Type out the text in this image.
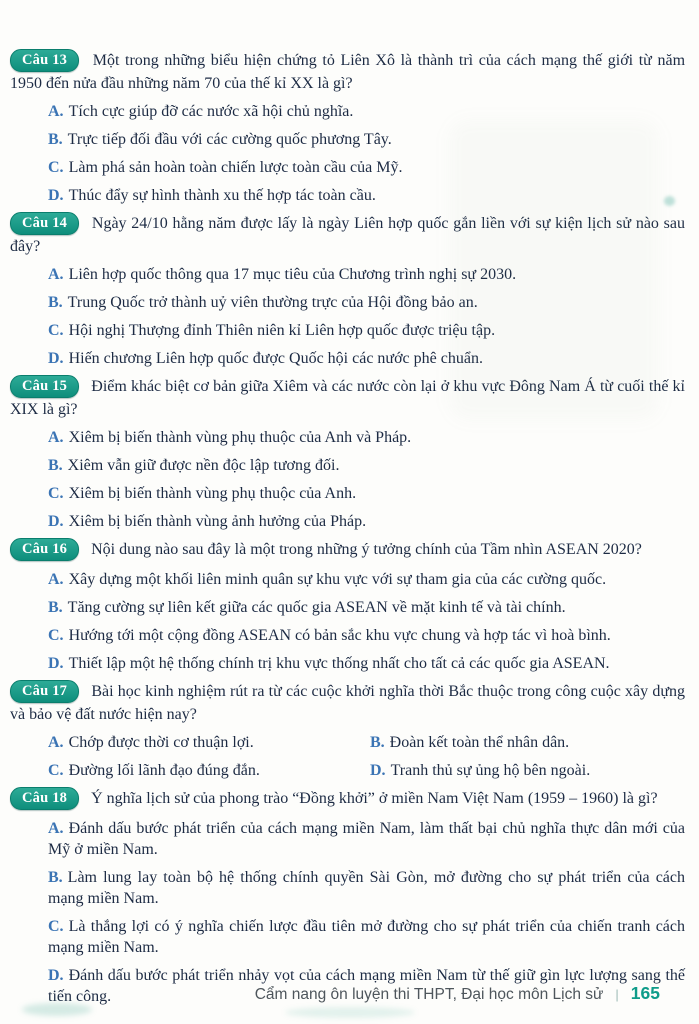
Câu 13 Một trong những biểu hiện chứng tỏ Liên Xô là thành trì của cách mạng thế giới từ năm 1950 đến nửa đầu những năm 70 của thế kỉ XX là gì?

A. Tích cực giúp đỡ các nước xã hội chủ nghĩa.

B. Trực tiếp đối đầu với các cường quốc phương Tây.

C. Làm phá sản hoàn toàn chiến lược toàn cầu của Mỹ.

D. Thúc đẩy sự hình thành xu thế hợp tác toàn cầu.

Câu 14 Ngày 24/10 hằng năm được lấy là ngày Liên hợp quốc gắn liền với sự kiện lịch sử nào sau đây?

A. Liên hợp quốc thông qua 17 mục tiêu của Chương trình nghị sự 2030.

B. Trung Quốc trở thành uỷ viên thường trực của Hội đồng bảo an.

C. Hội nghị Thượng đỉnh Thiên niên kỉ Liên hợp quốc được triệu tập.

D. Hiến chương Liên hợp quốc được Quốc hội các nước phê chuẩn.

Câu 15 Điểm khác biệt cơ bản giữa Xiêm và các nước còn lại ở khu vực Đông Nam Á từ cuối thế kỉ XIX là gì?

A. Xiêm bị biến thành vùng phụ thuộc của Anh và Pháp.

B. Xiêm vẫn giữ được nền độc lập tương đối.

C. Xiêm bị biến thành vùng phụ thuộc của Anh.

D. Xiêm bị biến thành vùng ảnh hưởng của Pháp.

Câu 16 Nội dung nào sau đây là một trong những ý tưởng chính của Tầm nhìn ASEAN 2020?

A. Xây dựng một khối liên minh quân sự khu vực với sự tham gia của các cường quốc.

B. Tăng cường sự liên kết giữa các quốc gia ASEAN về mặt kinh tế và tài chính.

C. Hướng tới một cộng đồng ASEAN có bản sắc khu vực chung và hợp tác vì hoà bình.

D. Thiết lập một hệ thống chính trị khu vực thống nhất cho tất cả các quốc gia ASEAN.

Câu 17 Bài học kinh nghiệm rút ra từ các cuộc khởi nghĩa thời Bắc thuộc trong công cuộc xây dựng và bảo vệ đất nước hiện nay?

A. Chớp được thời cơ thuận lợi.	B. Đoàn kết toàn thể nhân dân.

C. Đường lối lãnh đạo đúng đắn.	D. Tranh thủ sự ủng hộ bên ngoài.

Câu 18 Ý nghĩa lịch sử của phong trào “Đồng khởi” ở miền Nam Việt Nam (1959 – 1960) là gì?

A. Đánh dấu bước phát triển của cách mạng miền Nam, làm thất bại chủ nghĩa thực dân mới của Mỹ ở miền Nam.

B. Làm lung lay toàn bộ hệ thống chính quyền Sài Gòn, mở đường cho sự phát triển của cách mạng miền Nam.

C. Là thắng lợi có ý nghĩa chiến lược đầu tiên mở đường cho sự phát triển của chiến tranh cách mạng miền Nam.

D. Đánh dấu bước phát triển nhảy vọt của cách mạng miền Nam từ thế giữ gìn lực lượng sang thế tiến công.	Cẩm nang ôn luyện thi THPT, Đại học môn Lịch sử | 165
